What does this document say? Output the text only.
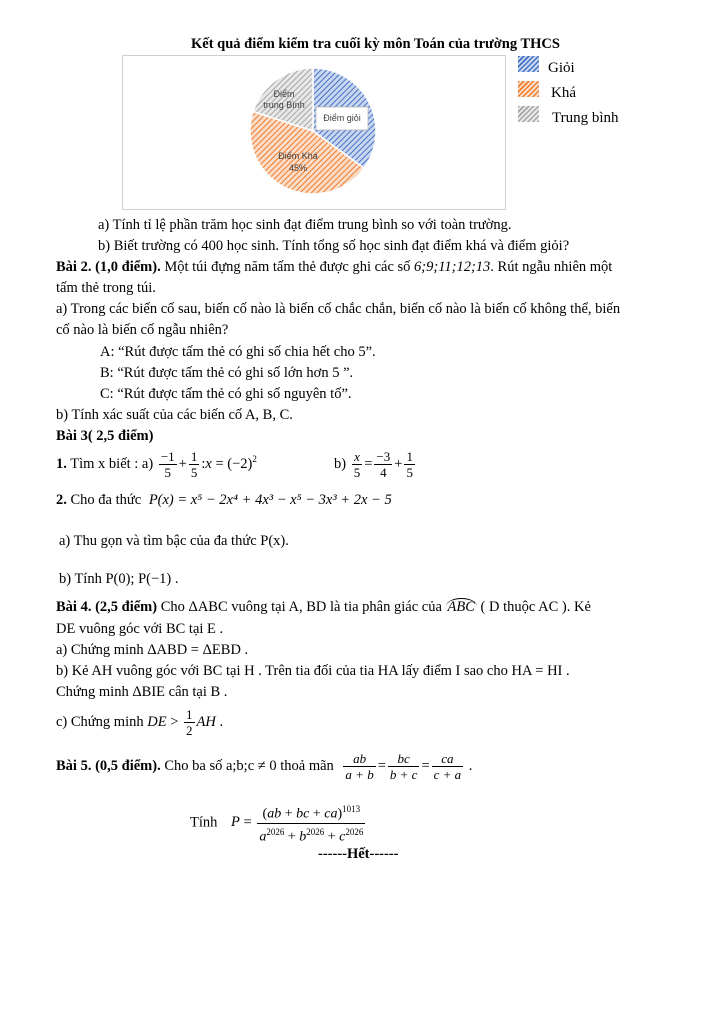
Kết quả điểm kiểm tra cuối kỳ môn Toán của trường THCS
Điểm Khá
45%
Điểm
trung Bình
Điểm giỏi
Giỏi
Khá
Trung bình
a) Tính tỉ lệ phần trăm học sinh đạt điểm trung bình so với toàn trường.
b) Biết trường có 400 học sinh. Tính tổng số học sinh đạt điểm khá và điểm giỏi?
Bài 2. (1,0 điểm). Một túi đựng năm tấm thẻ được ghi các số 6;9;11;12;13. Rút ngẫu nhiên một
tấm thẻ trong túi.
a) Trong các biến cố sau, biến cố nào là biến cố chắc chắn, biến cố nào là biến cố không thể, biến
cố nào là biến cố ngẫu nhiên?
A: “Rút được tấm thẻ có ghi số chia hết cho 5”.
B: “Rút được tấm thẻ có ghi số lớn hơn 5 ”.
C: “Rút được tấm thẻ có ghi số nguyên tố”.
b) Tính xác suất của các biến cố A, B, C.
Bài 3( 2,5 điểm)
1. Tìm x biết : $a) \frac{-1}{5} + \frac{1}{5}$ :x = $(-2)^2$	$b) \frac{x}{5} = \frac{-3}{4} + \frac{1}{5}$
2. Cho đa thức P(x) = x⁵ − 2x⁴ + 4x³ − x⁵ − 3x³ + 2x − 5
a) Thu gọn và tìm bậc của đa thức P(x).
b) Tính P(0); P(−1) .
Bài 4. (2,5 điểm) Cho ΔABC vuông tại A, BD là tia phân giác của ABC ( D thuộc AC ). Kẻ
DE vuông góc với BC tại E .
a) Chứng minh ΔABD = ΔEBD .
b) Kẻ AH vuông góc với BC tại H . Trên tia đối của tia HA lấy điểm I sao cho HA = HI .
Chứng minh ΔBIE cân tại B .
c) Chứng minh DE > $\frac{1}{2}$ AH .
Bài 5. (0,5 điểm). Cho ba số a;b;c ≠ 0 thoả mãn $\frac{ab}{a + b} = \frac{bc}{b + c} = \frac{ca}{c + a}$ .
Tính $P = \frac{(ab + bc + ca)^{1013}}{a^{2026} + b^{2026} + c^{2026}}$
------Hết------
